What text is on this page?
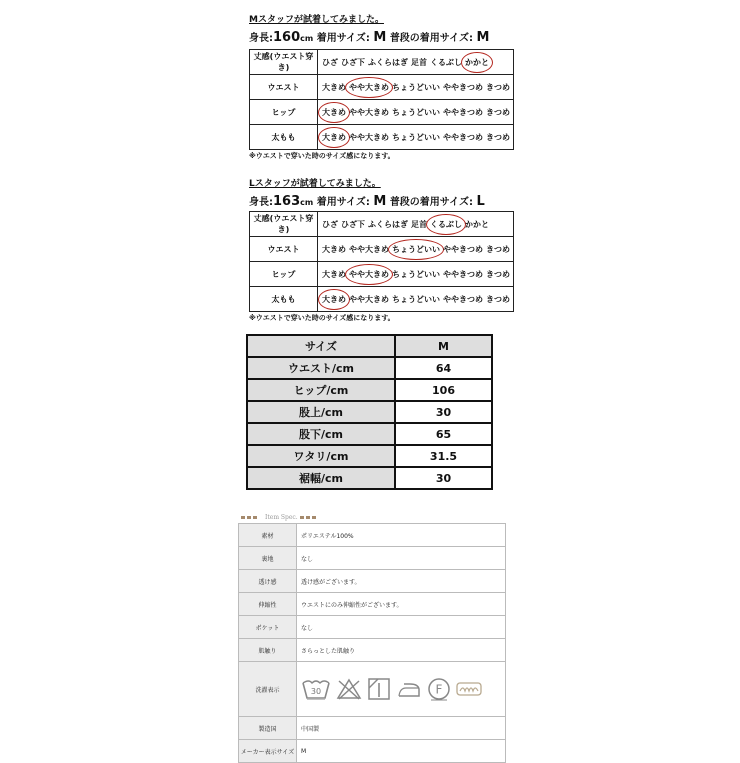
Mスタッフが試着してみました。
身長:160cm 着用サイズ: M 普段の着用サイズ: M
丈感(ウエスト穿き)	ひざ ひざ下 ふくらはぎ 足首 くるぶし かかと

ウエスト	大きめ やや大きめ ちょうどいい ややきつめ きつめ
ヒップ	大きめ やや大きめ ちょうどいい ややきつめ きつめ
太もも	大きめ やや大きめ ちょうどいい ややきつめ きつめ
※ウエストで穿いた時のサイズ感になります。
Lスタッフが試着してみました。
身長:163cm 着用サイズ: M 普段の着用サイズ: L
丈感(ウエスト穿き)	ひざ ひざ下 ふくらはぎ 足首 くるぶし かかと
ウエスト	大きめ やや大きめ ちょうどいい ややきつめ きつめ
ヒップ	大きめ やや大きめ ちょうどいい ややきつめ きつめ
太もも	大きめ やや大きめ ちょうどいい ややきつめ きつめ
※ウエストで穿いた時のサイズ感になります。
サイズ	M
ウエスト/cm	64
ヒップ/cm	106
股上/cm	30
股下/cm	65
ワタリ/cm	31.5
裾幅/cm	30
Item Spec.
素材	ポリエステル100%
裏地	なし
透け感	透け感がございます。
伸縮性	ウエストにのみ伸縮性がございます。
ポケット	なし
肌触り	さらっとした肌触り
洗濯表示	30 F

製造国	中国製
メーカー表示サイズ	M
